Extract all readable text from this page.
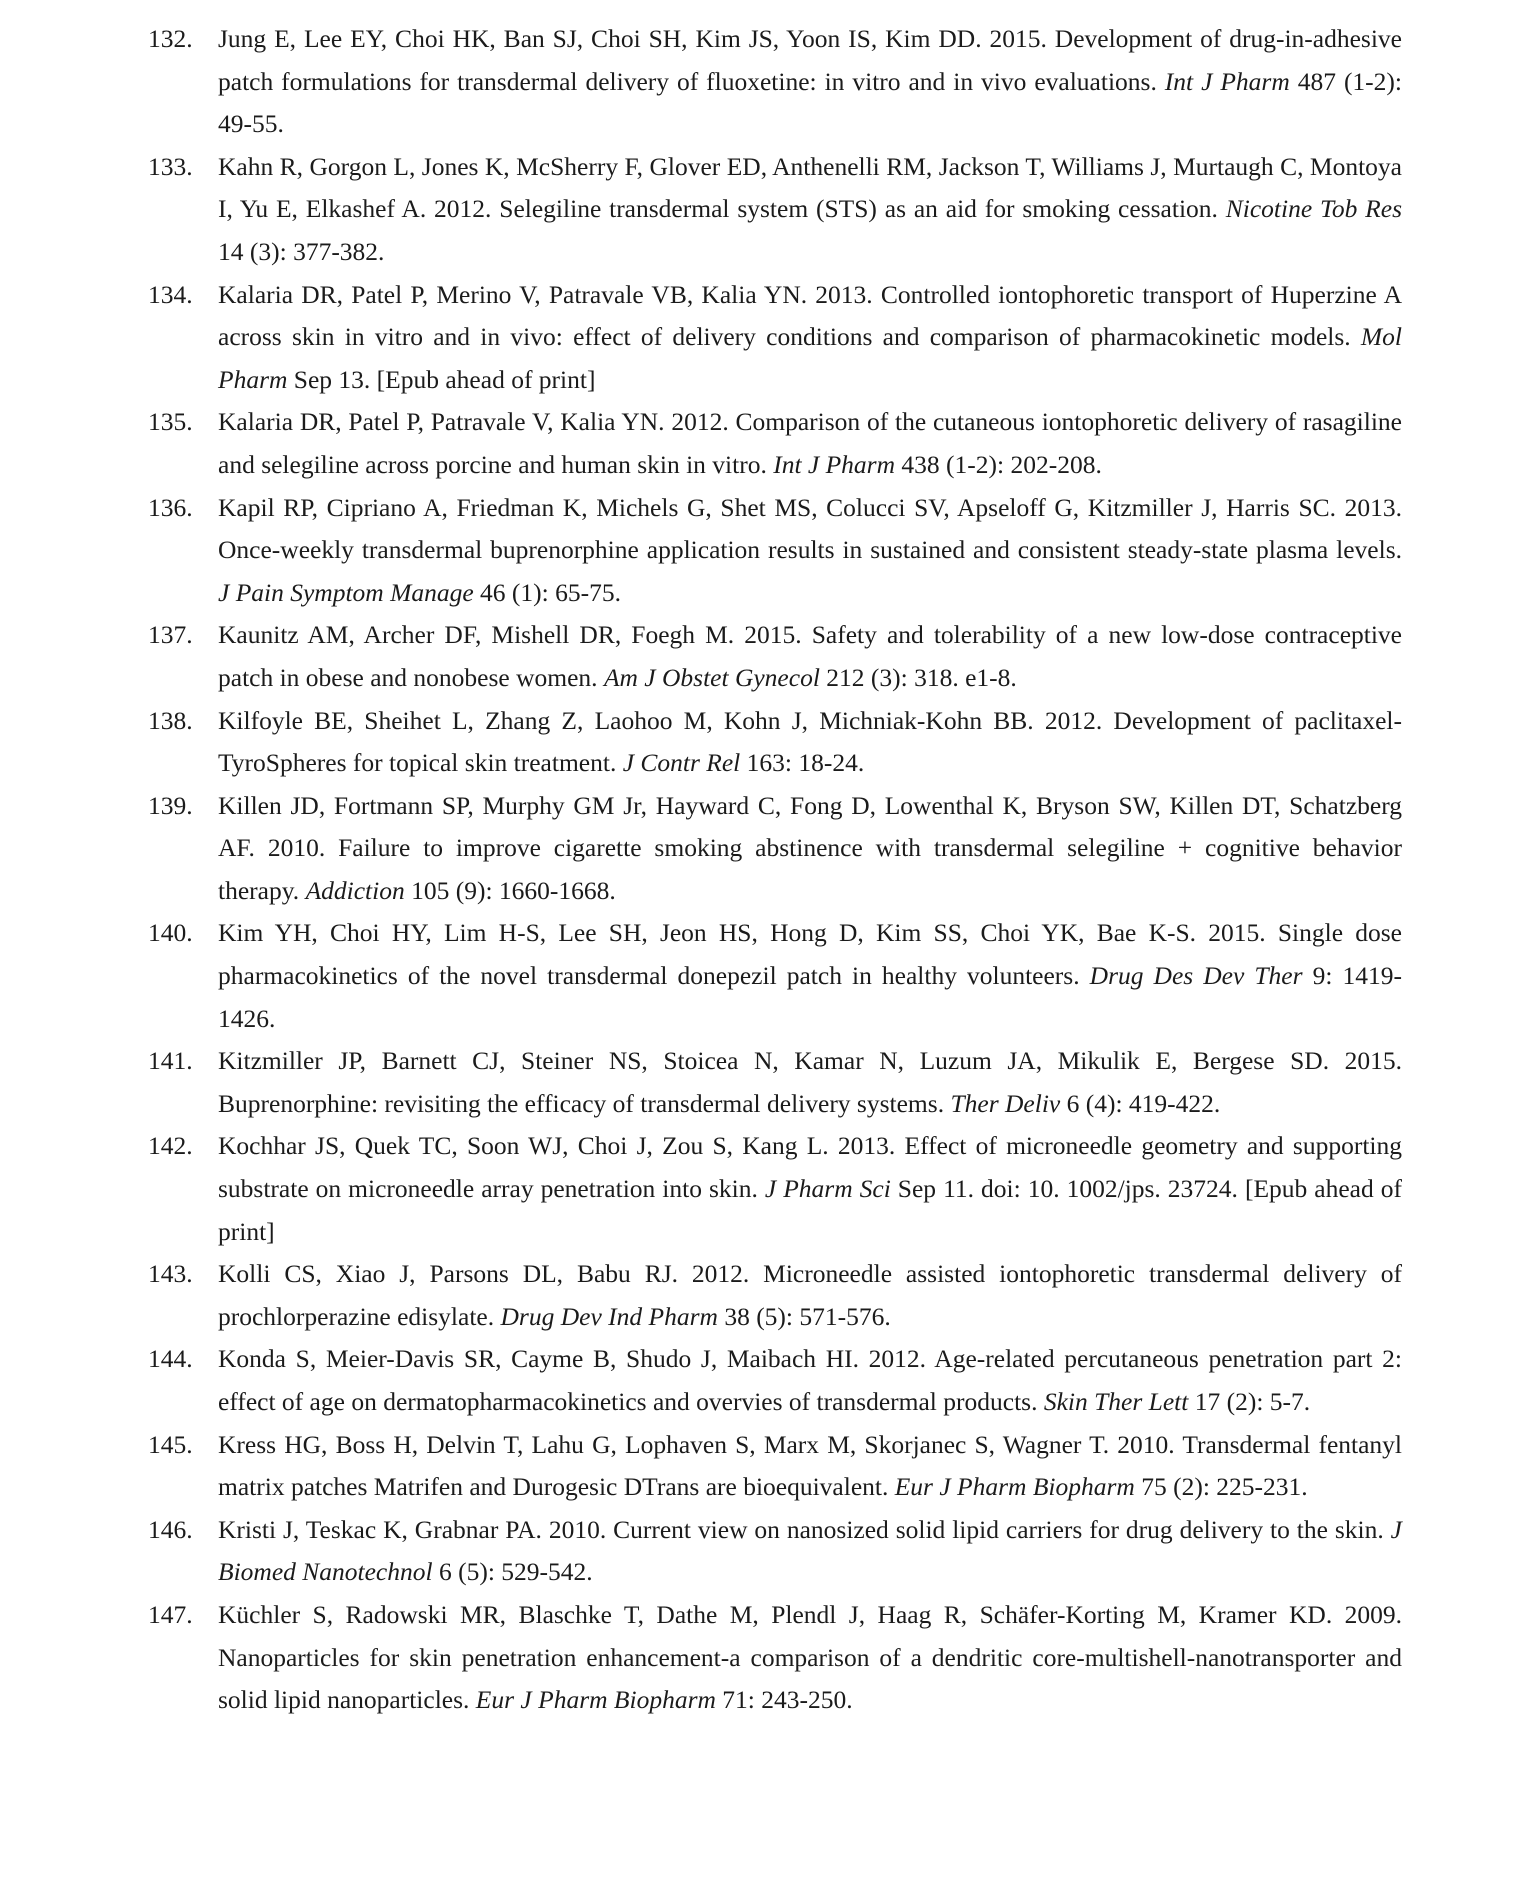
132. Jung E, Lee EY, Choi HK, Ban SJ, Choi SH, Kim JS, Yoon IS, Kim DD. 2015. Development of drug-in-adhesive patch formulations for transdermal delivery of fluoxetine: in vitro and in vivo evaluations. Int J Pharm 487 (1-2): 49-55.
133. Kahn R, Gorgon L, Jones K, McSherry F, Glover ED, Anthenelli RM, Jackson T, Williams J, Murtaugh C, Montoya I, Yu E, Elkashef A. 2012. Selegiline transdermal system (STS) as an aid for smoking cessation. Nicotine Tob Res 14 (3): 377-382.
134. Kalaria DR, Patel P, Merino V, Patravale VB, Kalia YN. 2013. Controlled iontophoretic transport of Huperzine A across skin in vitro and in vivo: effect of delivery conditions and comparison of pharmacokinetic models. Mol Pharm Sep 13. [Epub ahead of print]
135. Kalaria DR, Patel P, Patravale V, Kalia YN. 2012. Comparison of the cutaneous iontophoretic delivery of rasagiline and selegiline across porcine and human skin in vitro. Int J Pharm 438 (1-2): 202-208.
136. Kapil RP, Cipriano A, Friedman K, Michels G, Shet MS, Colucci SV, Apseloff G, Kitzmiller J, Harris SC. 2013. Once-weekly transdermal buprenorphine application results in sustained and consistent steady-state plasma levels. J Pain Symptom Manage 46 (1): 65-75.
137. Kaunitz AM, Archer DF, Mishell DR, Foegh M. 2015. Safety and tolerability of a new low-dose contraceptive patch in obese and nonobese women. Am J Obstet Gynecol 212 (3): 318. e1-8.
138. Kilfoyle BE, Sheihet L, Zhang Z, Laohoo M, Kohn J, Michniak-Kohn BB. 2012. Development of paclitaxel-TyroSpheres for topical skin treatment. J Contr Rel 163: 18-24.
139. Killen JD, Fortmann SP, Murphy GM Jr, Hayward C, Fong D, Lowenthal K, Bryson SW, Killen DT, Schatzberg AF. 2010. Failure to improve cigarette smoking abstinence with transdermal selegiline + cognitive behavior therapy. Addiction 105 (9): 1660-1668.
140. Kim YH, Choi HY, Lim H-S, Lee SH, Jeon HS, Hong D, Kim SS, Choi YK, Bae K-S. 2015. Single dose pharmacokinetics of the novel transdermal donepezil patch in healthy volunteers. Drug Des Dev Ther 9: 1419-1426.
141. Kitzmiller JP, Barnett CJ, Steiner NS, Stoicea N, Kamar N, Luzum JA, Mikulik E, Bergese SD. 2015. Buprenorphine: revisiting the efficacy of transdermal delivery systems. Ther Deliv 6 (4): 419-422.
142. Kochhar JS, Quek TC, Soon WJ, Choi J, Zou S, Kang L. 2013. Effect of microneedle geometry and supporting substrate on microneedle array penetration into skin. J Pharm Sci Sep 11. doi: 10. 1002/jps. 23724. [Epub ahead of print]
143. Kolli CS, Xiao J, Parsons DL, Babu RJ. 2012. Microneedle assisted iontophoretic transdermal delivery of prochlorperazine edisylate. Drug Dev Ind Pharm 38 (5): 571-576.
144. Konda S, Meier-Davis SR, Cayme B, Shudo J, Maibach HI. 2012. Age-related percutaneous penetration part 2: effect of age on dermatopharmacokinetics and overvies of transdermal products. Skin Ther Lett 17 (2): 5-7.
145. Kress HG, Boss H, Delvin T, Lahu G, Lophaven S, Marx M, Skorjanec S, Wagner T. 2010. Transdermal fentanyl matrix patches Matrifen and Durogesic DTrans are bioequivalent. Eur J Pharm Biopharm 75 (2): 225-231.
146. Kristi J, Teskac K, Grabnar PA. 2010. Current view on nanosized solid lipid carriers for drug delivery to the skin. J Biomed Nanotechnol 6 (5): 529-542.
147. Küchler S, Radowski MR, Blaschke T, Dathe M, Plendl J, Haag R, Schäfer-Korting M, Kramer KD. 2009. Nanoparticles for skin penetration enhancement-a comparison of a dendritic core-multishell-nanotransporter and solid lipid nanoparticles. Eur J Pharm Biopharm 71: 243-250.
